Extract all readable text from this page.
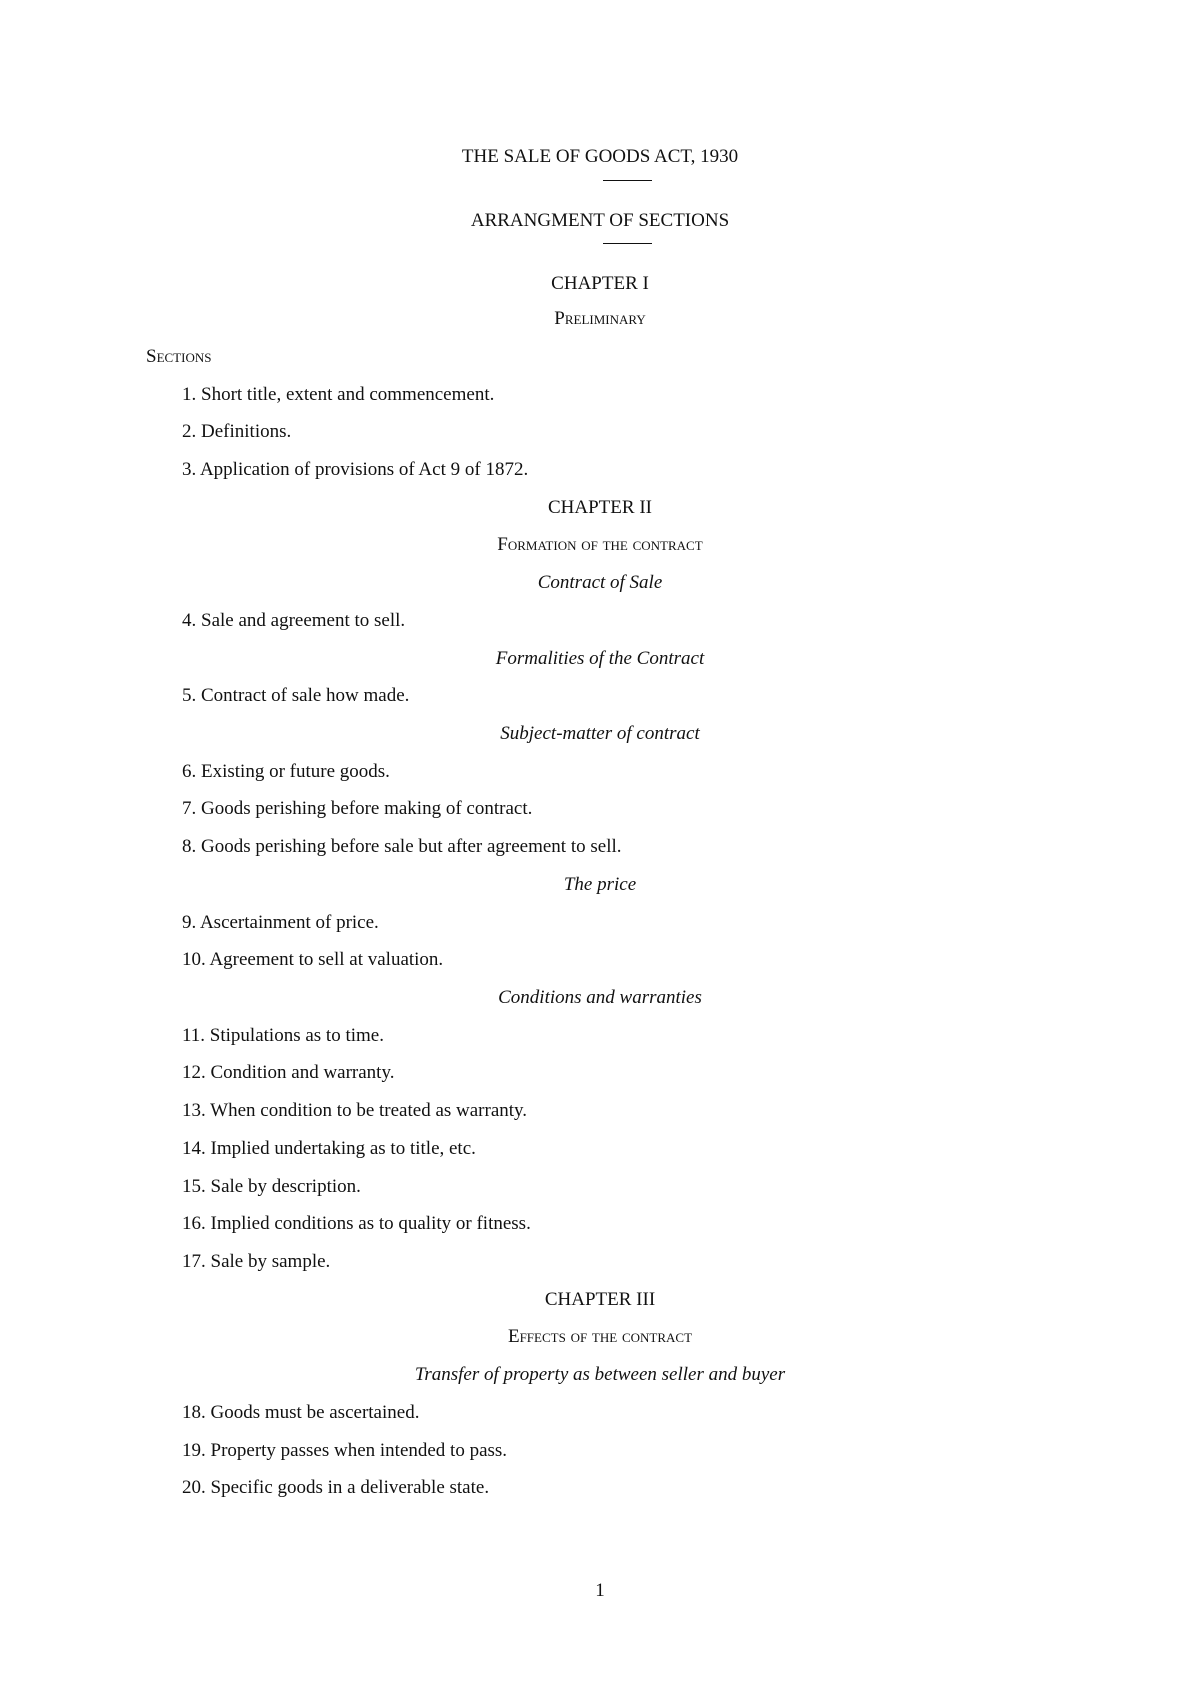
THE SALE OF GOODS ACT, 1930
ARRANGMENT OF SECTIONS
CHAPTER I
Preliminary
Sections
1. Short title, extent and commencement.
2. Definitions.
3. Application of provisions of Act 9 of 1872.
CHAPTER II
Formation of the contract
Contract of Sale
4. Sale and agreement to sell.
Formalities of the Contract
5. Contract of sale how made.
Subject-matter of contract
6. Existing or future goods.
7. Goods perishing before making of contract.
8. Goods perishing before sale but after agreement to sell.
The price
9. Ascertainment of price.
10. Agreement to sell at valuation.
Conditions and warranties
11. Stipulations as to time.
12. Condition and warranty.
13. When condition to be treated as warranty.
14. Implied undertaking as to title, etc.
15. Sale by description.
16. Implied conditions as to quality or fitness.
17. Sale by sample.
CHAPTER III
Effects of the contract
Transfer of property as between seller and buyer
18. Goods must be ascertained.
19. Property passes when intended to pass.
20. Specific goods in a deliverable state.
1
